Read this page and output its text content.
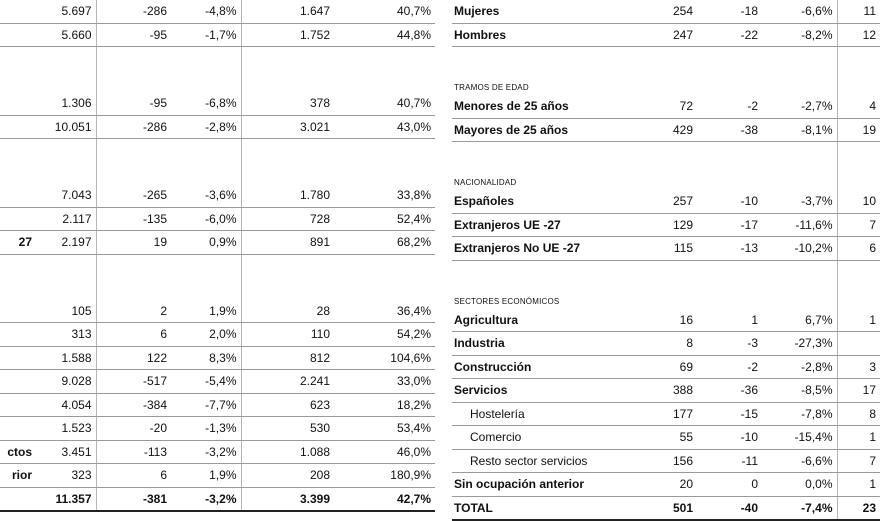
	5.697	-286	-4,8%	1.647	40,7%
	5.660	-95	-1,7%	1.752	44,8%

	1.306	-95	-6,8%	378	40,7%
	10.051	-286	-2,8%	3.021	43,0%

	7.043	-265	-3,6%	1.780	33,8%
	2.117	-135	-6,0%	728	52,4%
27	2.197	19	0,9%	891	68,2%

	105	2	1,9%	28	36,4%
	313	6	2,0%	110	54,2%
	1.588	122	8,3%	812	104,6%
	9.028	-517	-5,4%	2.241	33,0%
	4.054	-384	-7,7%	623	18,2%
	1.523	-20	-1,3%	530	53,4%
ctos	3.451	-113	-3,2%	1.088	46,0%
rior	323	6	1,9%	208	180,9%
	11.357	-381	-3,2%	3.399	42,7%
Mujeres	254	-18	-6,6%	11
Hombres	247	-22	-8,2%	12

TRAMOS DE EDAD				
Menores de 25 años	72	-2	-2,7%	4
Mayores de 25 años	429	-38	-8,1%	19

NACIONALIDAD				
Españoles	257	-10	-3,7%	10
Extranjeros UE -27	129	-17	-11,6%	7
Extranjeros No UE -27	115	-13	-10,2%	6

SECTORES ECONÓMICOS				
Agricultura	16	1	6,7%	1
Industria	8	-3	-27,3%	
Construcción	69	-2	-2,8%	3
Servicios	388	-36	-8,5%	17
Hostelería	177	-15	-7,8%	8
Comercio	55	-10	-15,4%	1
Resto sector servicios	156	-11	-6,6%	7
Sin ocupación anterior	20	0	0,0%	1
TOTAL	501	-40	-7,4%	23
